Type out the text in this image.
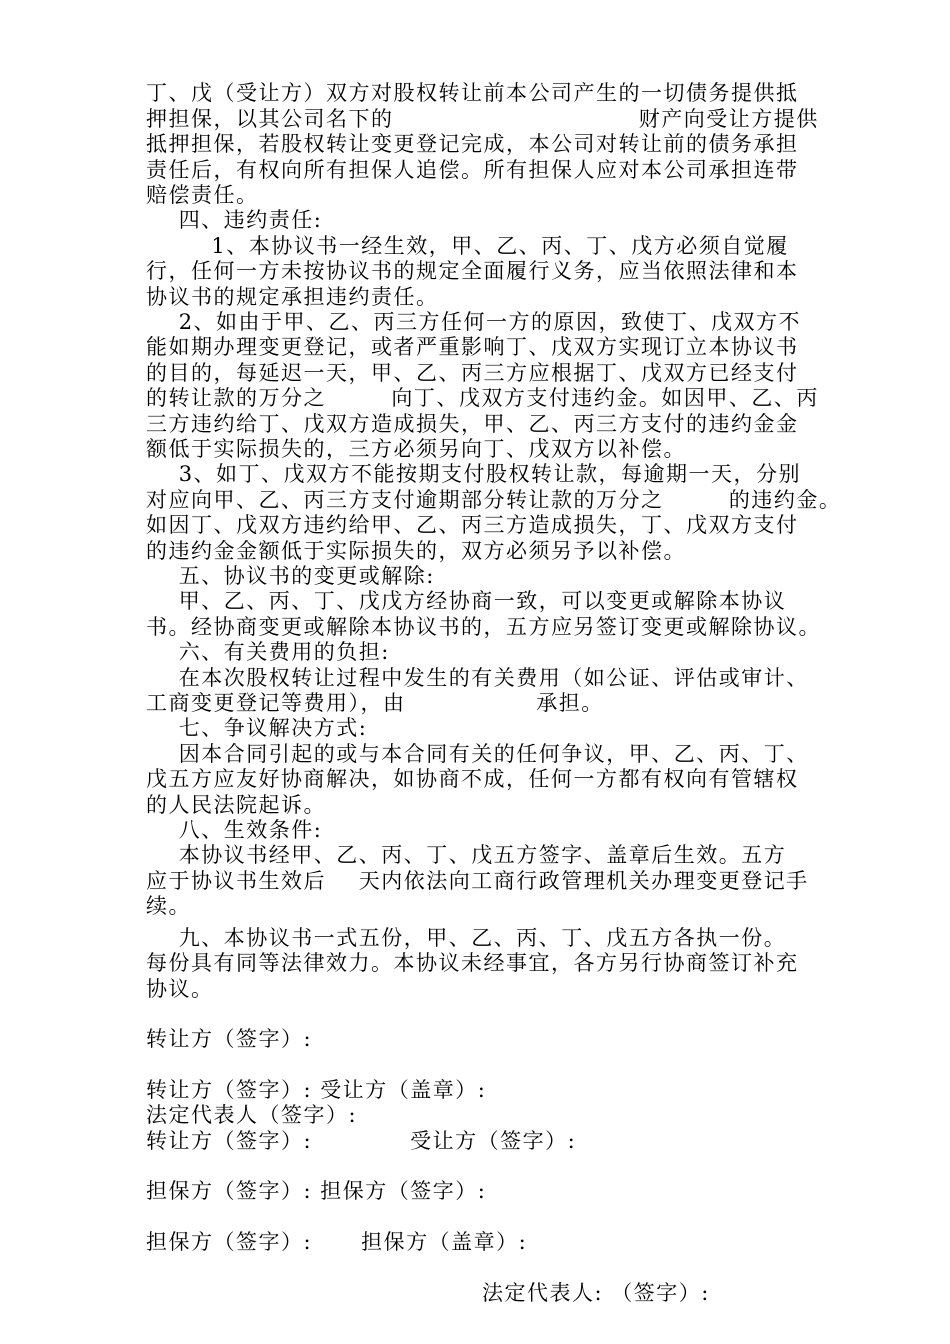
丁、戊（受让方）双方对股权转让前本公司产生的一切债务提供抵
押担保，以其公司名下的                              财产向受让方提供
抵押担保，若股权转让变更登记完成，本公司对转让前的债务承担
责任后，有权向所有担保人追偿。所有担保人应对本公司承担连带
赔偿责任。
四、违约责任:
1、本协议书一经生效，甲、乙、丙、丁、戊方必须自觉履
行，任何一方未按协议书的规定全面履行义务，应当依照法律和本
协议书的规定承担违约责任。
2、如由于甲、乙、丙三方任何一方的原因，致使丁、戊双方不
能如期办理变更登记，或者严重影响丁、戊双方实现订立本协议书
的目的，每延迟一天，甲、乙、丙三方应根据丁、戊双方已经支付
的转让款的万分之        向丁、戊双方支付违约金。如因甲、乙、丙
三方违约给丁、戊双方造成损失，甲、乙、丙三方支付的违约金金
额低于实际损失的，三方必须另向丁、戊双方以补偿。
3、如丁、戊双方不能按期支付股权转让款，每逾期一天，分别
对应向甲、乙、丙三方支付逾期部分转让款的万分之        的违约金。
如因丁、戊双方违约给甲、乙、丙三方造成损失，丁、戊双方支付
的违约金金额低于实际损失的，双方必须另予以补偿。
五、协议书的变更或解除:
甲、乙、丙、丁、戊戊方经协商一致，可以变更或解除本协议
书。经协商变更或解除本协议书的，五方应另签订变更或解除协议。
六、有关费用的负担:
在本次股权转让过程中发生的有关费用（如公证、评估或审计、
工商变更登记等费用），由                承担。
七、争议解决方式:
因本合同引起的或与本合同有关的任何争议，甲、乙、丙、丁、
戊五方应友好协商解决，如协商不成，任何一方都有权向有管辖权
的人民法院起诉。
八、生效条件:
本协议书经甲、乙、丙、丁、戊五方签字、盖章后生效。五方
应于协议书生效后    天内依法向工商行政管理机关办理变更登记手
续。
九、本协议书一式五份，甲、乙、丙、丁、戊五方各执一份。
每份具有同等法律效力。本协议未经事宜，各方另行协商签订补充
协议。
转让方（签字）:
转让方（签字）: 受让方（盖章）:
法定代表人（签字）:
转让方（签字）:            受让方（签字）:
担保方（签字）: 担保方（签字）:
担保方（签字）:      担保方（盖章）:
法定代表人: （签字）:
